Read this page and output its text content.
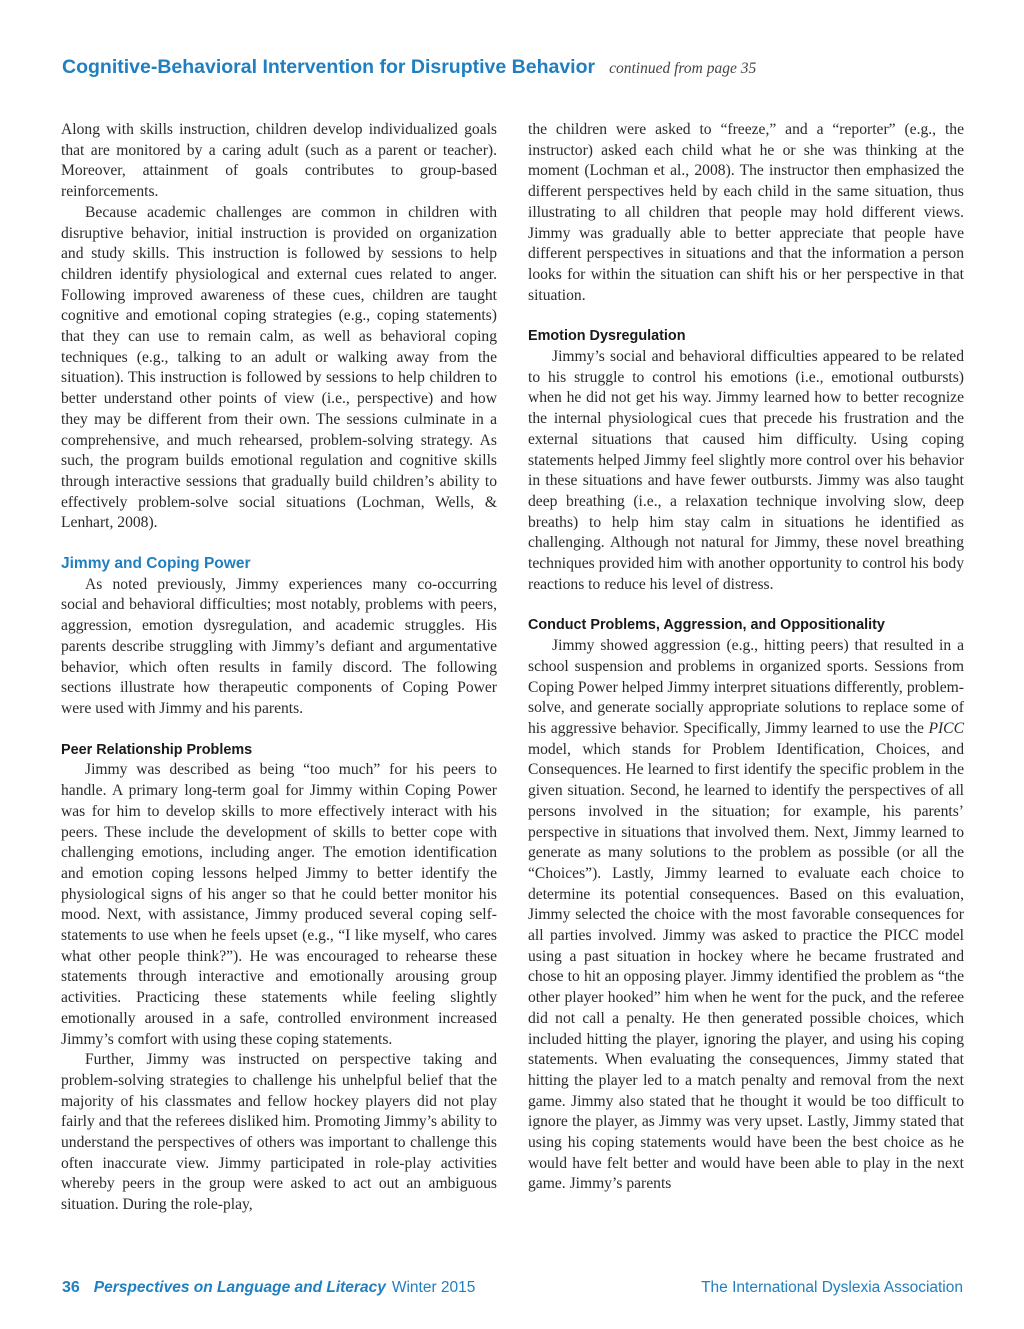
Cognitive-Behavioral Intervention for Disruptive Behavior continued from page 35

Along with skills instruction, children develop individualized goals that are monitored by a caring adult (such as a parent or teacher). Moreover, attainment of goals contributes to group-based reinforcements.

Because academic challenges are common in children with disruptive behavior, initial instruction is provided on organization and study skills. This instruction is followed by sessions to help children identify physiological and external cues related to anger. Following improved awareness of these cues, children are taught cognitive and emotional coping strategies (e.g., coping statements) that they can use to remain calm, as well as behavioral coping techniques (e.g., talking to an adult or walking away from the situation). This instruction is followed by sessions to help children to better understand other points of view (i.e., perspective) and how they may be different from their own. The sessions culminate in a comprehensive, and much rehearsed, problem-solving strategy. As such, the program builds emotional regulation and cognitive skills through interactive sessions that gradually build children’s ability to effectively problem-solve social situations (Lochman, Wells, & Lenhart, 2008).

Jimmy and Coping Power

As noted previously, Jimmy experiences many co-occurring social and behavioral difficulties; most notably, problems with peers, aggression, emotion dysregulation, and academic struggles. His parents describe struggling with Jimmy’s defiant and argumentative behavior, which often results in family discord. The following sections illustrate how therapeutic components of Coping Power were used with Jimmy and his parents.

Peer Relationship Problems

Jimmy was described as being “too much” for his peers to handle. A primary long-term goal for Jimmy within Coping Power was for him to develop skills to more effectively interact with his peers. These include the development of skills to better cope with challenging emotions, including anger. The emotion identification and emotion coping lessons helped Jimmy to better identify the physiological signs of his anger so that he could better monitor his mood. Next, with assistance, Jimmy produced several coping self-statements to use when he feels upset (e.g., “I like myself, who cares what other people think?”). He was encouraged to rehearse these statements through interactive and emotionally arousing group activities. Practicing these statements while feeling slightly emotionally aroused in a safe, controlled environment increased Jimmy’s comfort with using these coping statements.

Further, Jimmy was instructed on perspective taking and problem-solving strategies to challenge his unhelpful belief that the majority of his classmates and fellow hockey players did not play fairly and that the referees disliked him. Promoting Jimmy’s ability to understand the perspectives of others was important to challenge this often inaccurate view. Jimmy participated in role-play activities whereby peers in the group were asked to act out an ambiguous situation. During the role-play,

the children were asked to “freeze,” and a “reporter” (e.g., the instructor) asked each child what he or she was thinking at the moment (Lochman et al., 2008). The instructor then emphasized the different perspectives held by each child in the same situation, thus illustrating to all children that people may hold different views. Jimmy was gradually able to better appreciate that people have different perspectives in situations and that the information a person looks for within the situation can shift his or her perspective in that situation.

Emotion Dysregulation

Jimmy’s social and behavioral difficulties appeared to be related to his struggle to control his emotions (i.e., emotional outbursts) when he did not get his way. Jimmy learned how to better recognize the internal physiological cues that precede his frustration and the external situations that caused him difficulty. Using coping statements helped Jimmy feel slightly more control over his behavior in these situations and have fewer outbursts. Jimmy was also taught deep breathing (i.e., a relaxation technique involving slow, deep breaths) to help him stay calm in situations he identified as challenging. Although not natural for Jimmy, these novel breathing techniques provided him with another opportunity to control his body reactions to reduce his level of distress.

Conduct Problems, Aggression, and Oppositionality

Jimmy showed aggression (e.g., hitting peers) that resulted in a school suspension and problems in organized sports. Sessions from Coping Power helped Jimmy interpret situations differently, problem-solve, and generate socially appropriate solutions to replace some of his aggressive behavior. Specifically, Jimmy learned to use the PICC model, which stands for Problem Identification, Choices, and Consequences. He learned to first identify the specific problem in the given situation. Second, he learned to identify the perspectives of all persons involved in the situation; for example, his parents’ perspective in situations that involved them. Next, Jimmy learned to generate as many solutions to the problem as possible (or all the “Choices”). Lastly, Jimmy learned to evaluate each choice to determine its potential consequences. Based on this evaluation, Jimmy selected the choice with the most favorable consequences for all parties involved. Jimmy was asked to practice the PICC model using a past situation in hockey where he became frustrated and chose to hit an opposing player. Jimmy identified the problem as “the other player hooked” him when he went for the puck, and the referee did not call a penalty. He then generated possible choices, which included hitting the player, ignoring the player, and using his coping statements. When evaluating the consequences, Jimmy stated that hitting the player led to a match penalty and removal from the next game. Jimmy also stated that he thought it would be too difficult to ignore the player, as Jimmy was very upset. Lastly, Jimmy stated that using his coping statements would have been the best choice as he would have felt better and would have been able to play in the next game. Jimmy’s parents

36 Perspectives on Language and Literacy Winter 2015	The International Dyslexia Association
